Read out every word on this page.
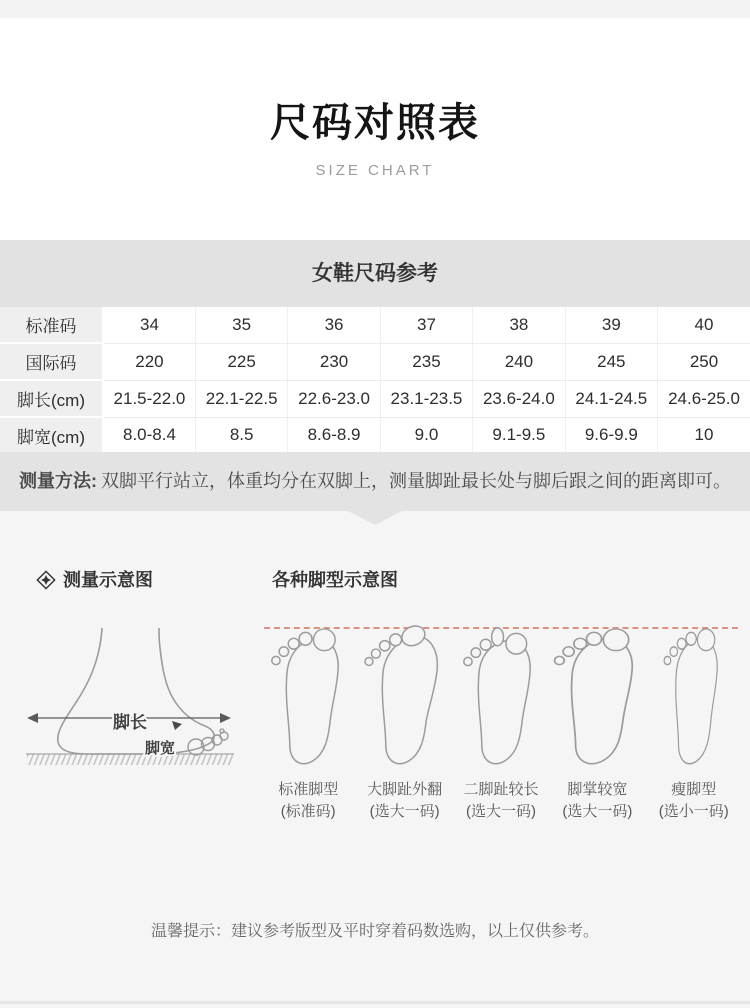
尺码对照表
SIZE CHART
女鞋尺码参考
标准码	34	35	36	37	38	39	40
国际码	220	225	230	235	240	245	250
脚长(cm)	21.5-22.0	22.1-22.5	22.6-23.0	23.1-23.5	23.6-24.0	24.1-24.5	24.6-25.0
脚宽(cm)	8.0-8.4	8.5	8.6-8.9	9.0	9.1-9.5	9.6-9.9	10
测量方法: 双脚平行站立，体重均分在双脚上，测量脚趾最长处与脚后跟之间的距离即可。
测量示意图	各种脚型示意图
脚长
脚宽
标准脚型
(标准码)
大脚趾外翻
(选大一码)
二脚趾较长
(选大一码)
脚掌较宽
(选大一码)
瘦脚型
(选小一码)
温馨提示：建议参考版型及平时穿着码数选购，以上仅供参考。
